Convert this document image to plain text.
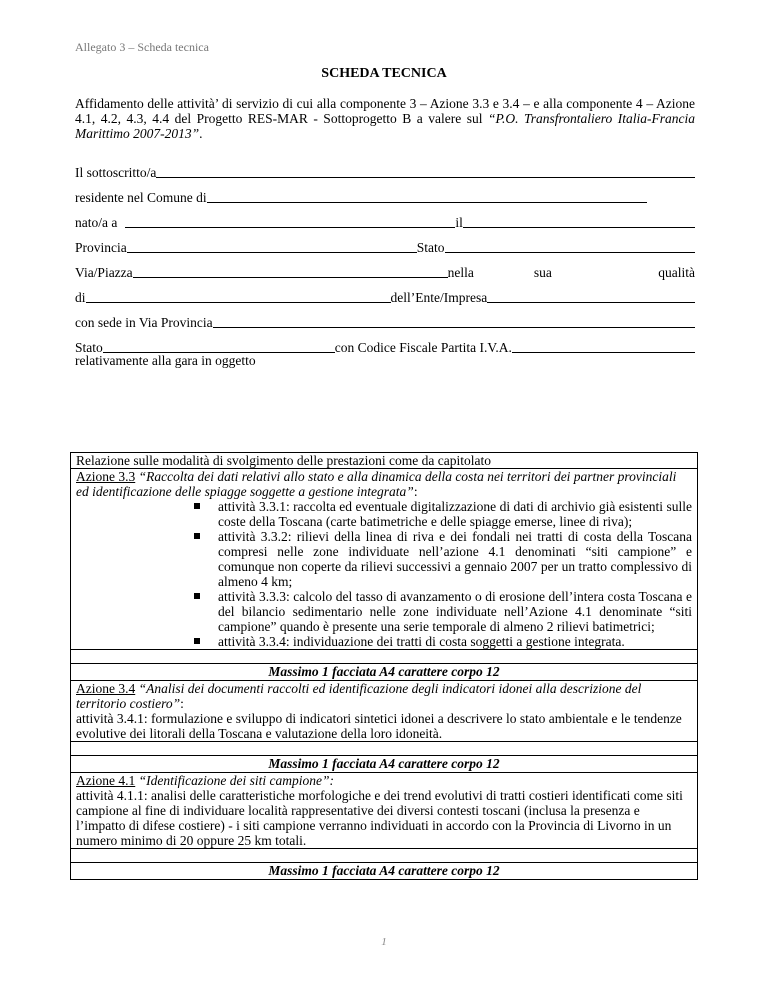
Allegato 3 – Scheda tecnica
SCHEDA TECNICA
Affidamento delle attività’ di servizio di cui alla componente 3 – Azione 3.3 e 3.4 – e alla componente 4 – Azione 4.1, 4.2, 4.3, 4.4 del Progetto RES-MAR - Sottoprogetto B a valere sul “P.O. Transfrontaliero Italia-Francia Marittimo 2007-2013”.
Il sottoscritto/a
residente nel Comune di
nato/a a	il
Provincia	Stato
Via/Piazza	nella	sua	qualità
di	dell’Ente/Impresa
con sede in Via Provincia
Stato	con Codice Fiscale Partita I.V.A.
relativamente alla gara in oggetto
Relazione sulle modalità di svolgimento delle prestazioni come da capitolato
Azione 3.3 “Raccolta dei dati relativi allo stato e alla dinamica della costa nei territori dei partner provinciali ed identificazione delle spiagge soggette a gestione integrata”:
attività 3.3.1: raccolta ed eventuale digitalizzazione di dati di archivio già esistenti sulle coste della Toscana (carte batimetriche e delle spiagge emerse, linee di riva);
attività 3.3.2: rilievi della linea di riva e dei fondali nei tratti di costa della Toscana compresi nelle zone individuate nell’azione 4.1 denominati “siti campione” e comunque non coperte da rilievi successivi a gennaio 2007 per un tratto complessivo di almeno 4 km;
attività 3.3.3: calcolo del tasso di avanzamento o di erosione dell’intera costa Toscana e del bilancio sedimentario nelle zone individuate nell’Azione 4.1 denominate “siti campione” quando è presente una serie temporale di almeno 2 rilievi batimetrici;
attività 3.3.4: individuazione dei tratti di costa soggetti a gestione integrata.
Massimo 1 facciata A4 carattere corpo 12
Azione 3.4 “Analisi dei documenti raccolti ed identificazione degli indicatori idonei alla descrizione del territorio costiero”:
attività 3.4.1: formulazione e sviluppo di indicatori sintetici idonei a descrivere lo stato ambientale e le tendenze evolutive dei litorali della Toscana e valutazione della loro idoneità.
Massimo 1 facciata A4 carattere corpo 12
Azione 4.1 “Identificazione dei siti campione”:
attività 4.1.1: analisi delle caratteristiche morfologiche e dei trend evolutivi di tratti costieri identificati come siti campione al fine di individuare località rappresentative dei diversi contesti toscani (inclusa la presenza e l’impatto di difese costiere) - i siti campione verranno individuati in accordo con la Provincia di Livorno in un numero minimo di 20 oppure 25 km totali.
Massimo 1 facciata A4 carattere corpo 12
1
